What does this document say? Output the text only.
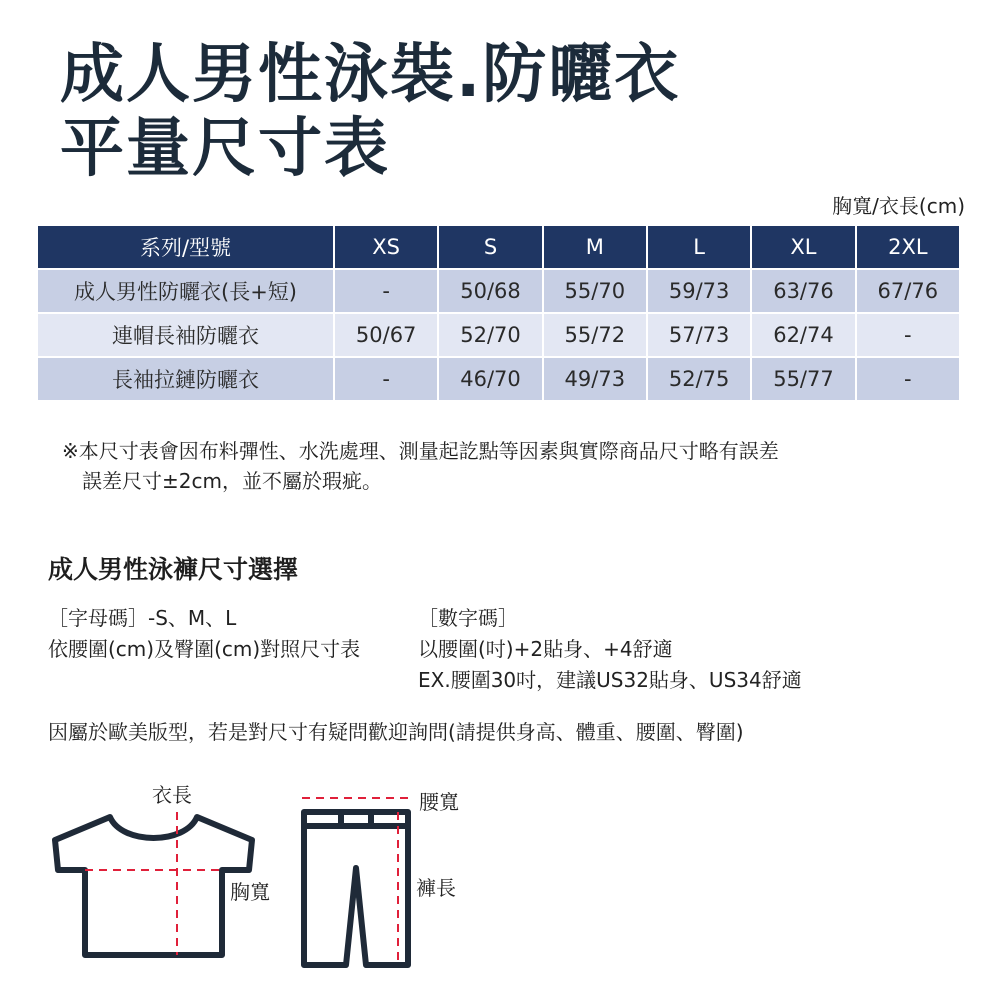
成人男性泳裝.防曬衣
平量尺寸表
胸寬/衣長(cm)
系列/型號	XS	S	M	L	XL	2XL
成人男性防曬衣(長+短)	-	50/68	55/70	59/73	63/76	67/76
連帽長袖防曬衣	50/67	52/70	55/72	57/73	62/74	-
長袖拉鏈防曬衣	-	46/70	49/73	52/75	55/77	-
※本尺寸表會因布料彈性、水洗處理、測量起訖點等因素與實際商品尺寸略有誤差
誤差尺寸±2cm，並不屬於瑕疵。
成人男性泳褲尺寸選擇
［字母碼］-S、M、L
依腰圍(cm)及臀圍(cm)對照尺寸表
［數字碼］
以腰圍(吋)+2貼身、+4舒適
EX.腰圍30吋，建議US32貼身、US34舒適
因屬於歐美版型，若是對尺寸有疑問歡迎詢問(請提供身高、體重、腰圍、臀圍)
衣長
胸寬
腰寬
褲長
